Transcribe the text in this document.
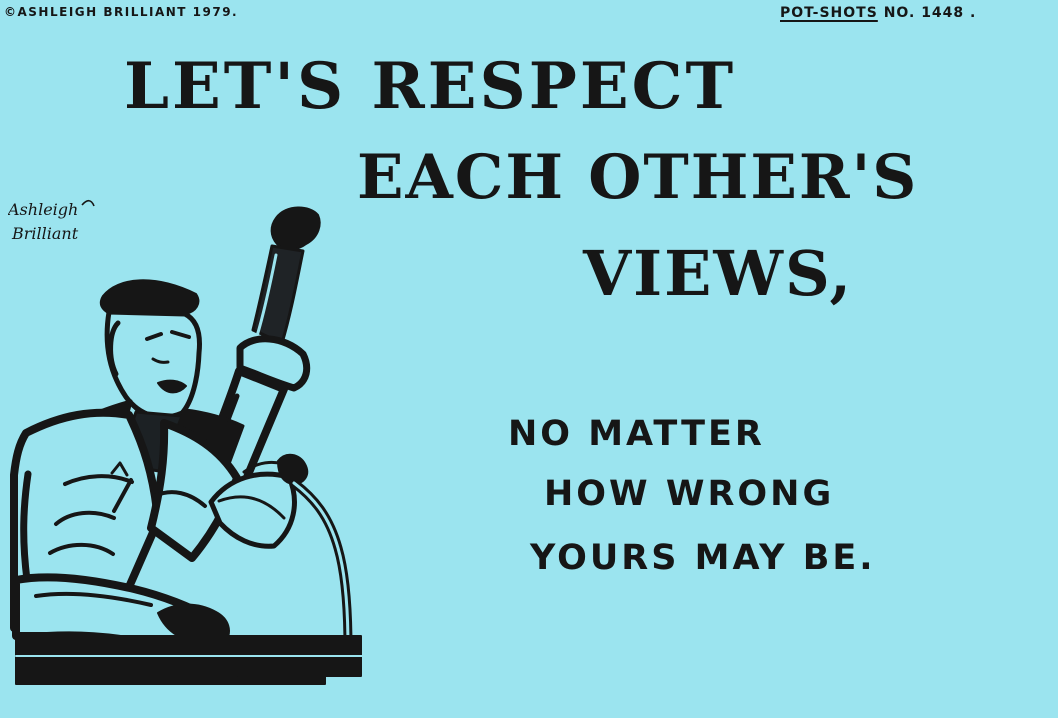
©ASHLEIGH BRILLIANT 1979.	POT-SHOTS NO. 1448 .
LET'S RESPECT
EACH OTHER'S
VIEWS,
NO MATTER
HOW WRONG
YOURS MAY BE.
Ashleigh
Brilliant
